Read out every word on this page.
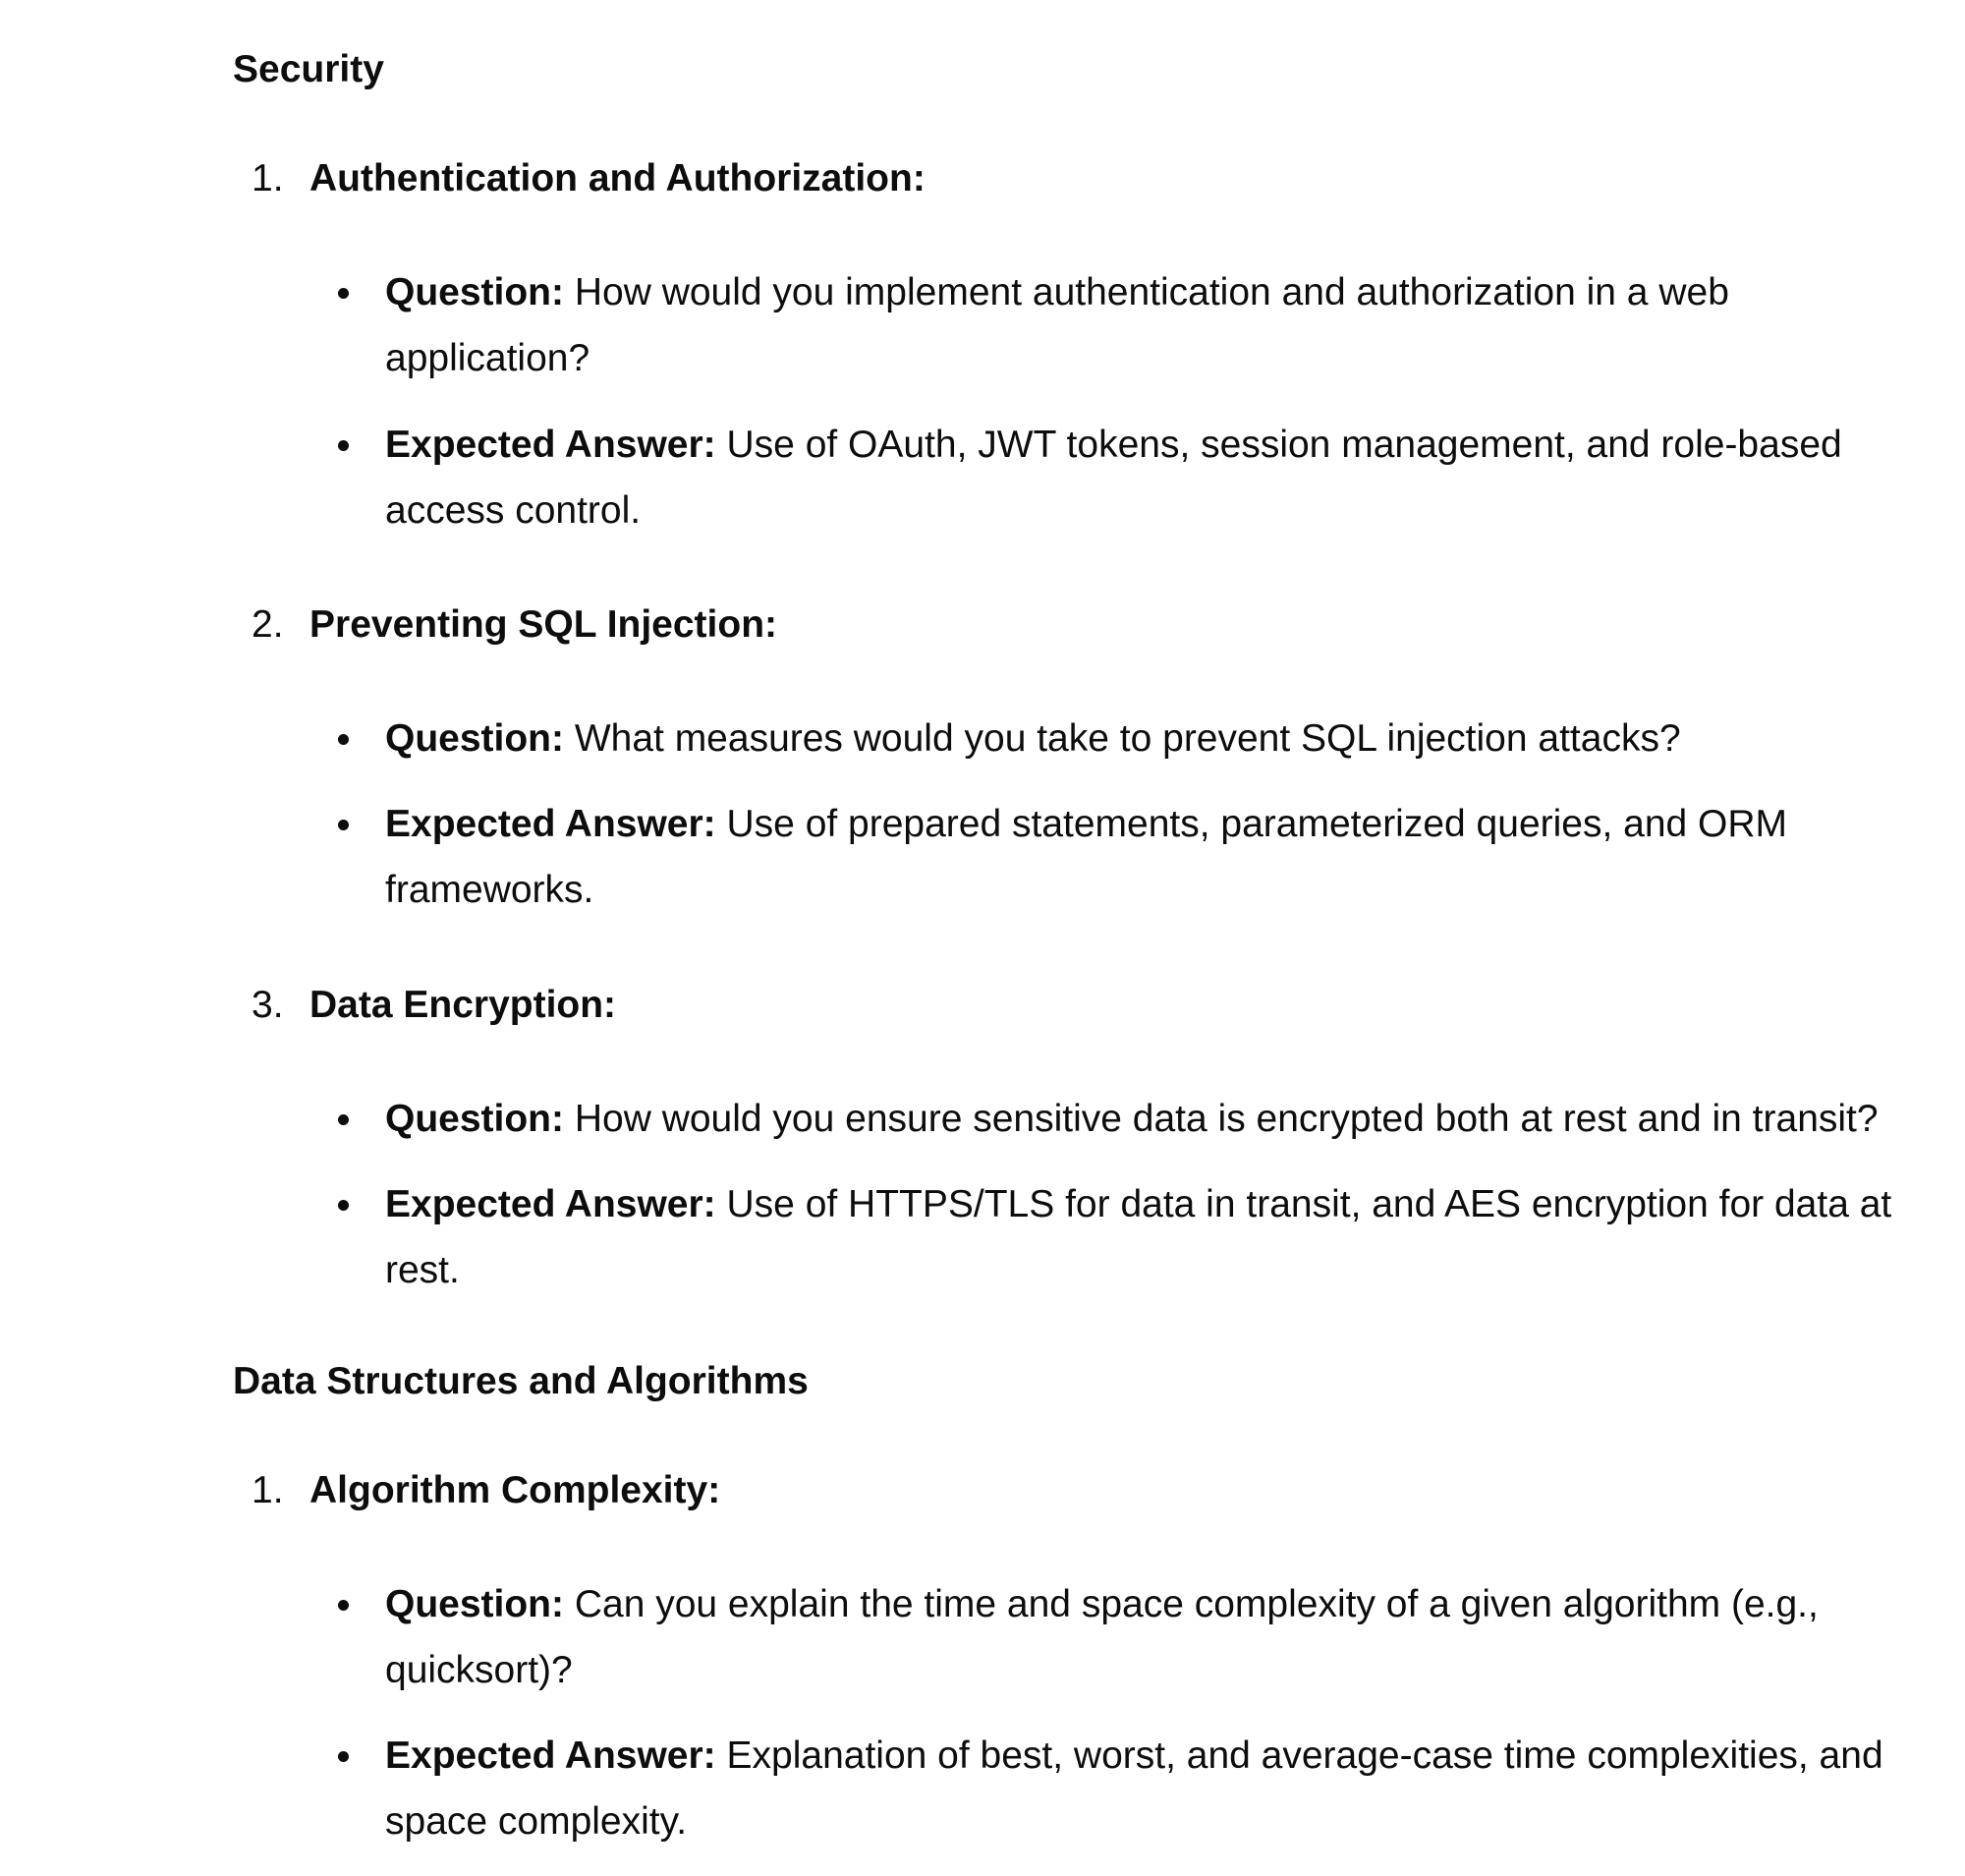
Security
1. Authentication and Authorization:

Question: How would you implement authentication and authorization in a web application?

Expected Answer: Use of OAuth, JWT tokens, session management, and role-based access control.

2. Preventing SQL Injection:

Question: What measures would you take to prevent SQL injection attacks?

Expected Answer: Use of prepared statements, parameterized queries, and ORM frameworks.

3. Data Encryption:

Question: How would you ensure sensitive data is encrypted both at rest and in transit?

Expected Answer: Use of HTTPS/TLS for data in transit, and AES encryption for data at rest.

Data Structures and Algorithms
1. Algorithm Complexity:

Question: Can you explain the time and space complexity of a given algorithm (e.g., quicksort)?

Expected Answer: Explanation of best, worst, and average-case time complexities, and space complexity.
